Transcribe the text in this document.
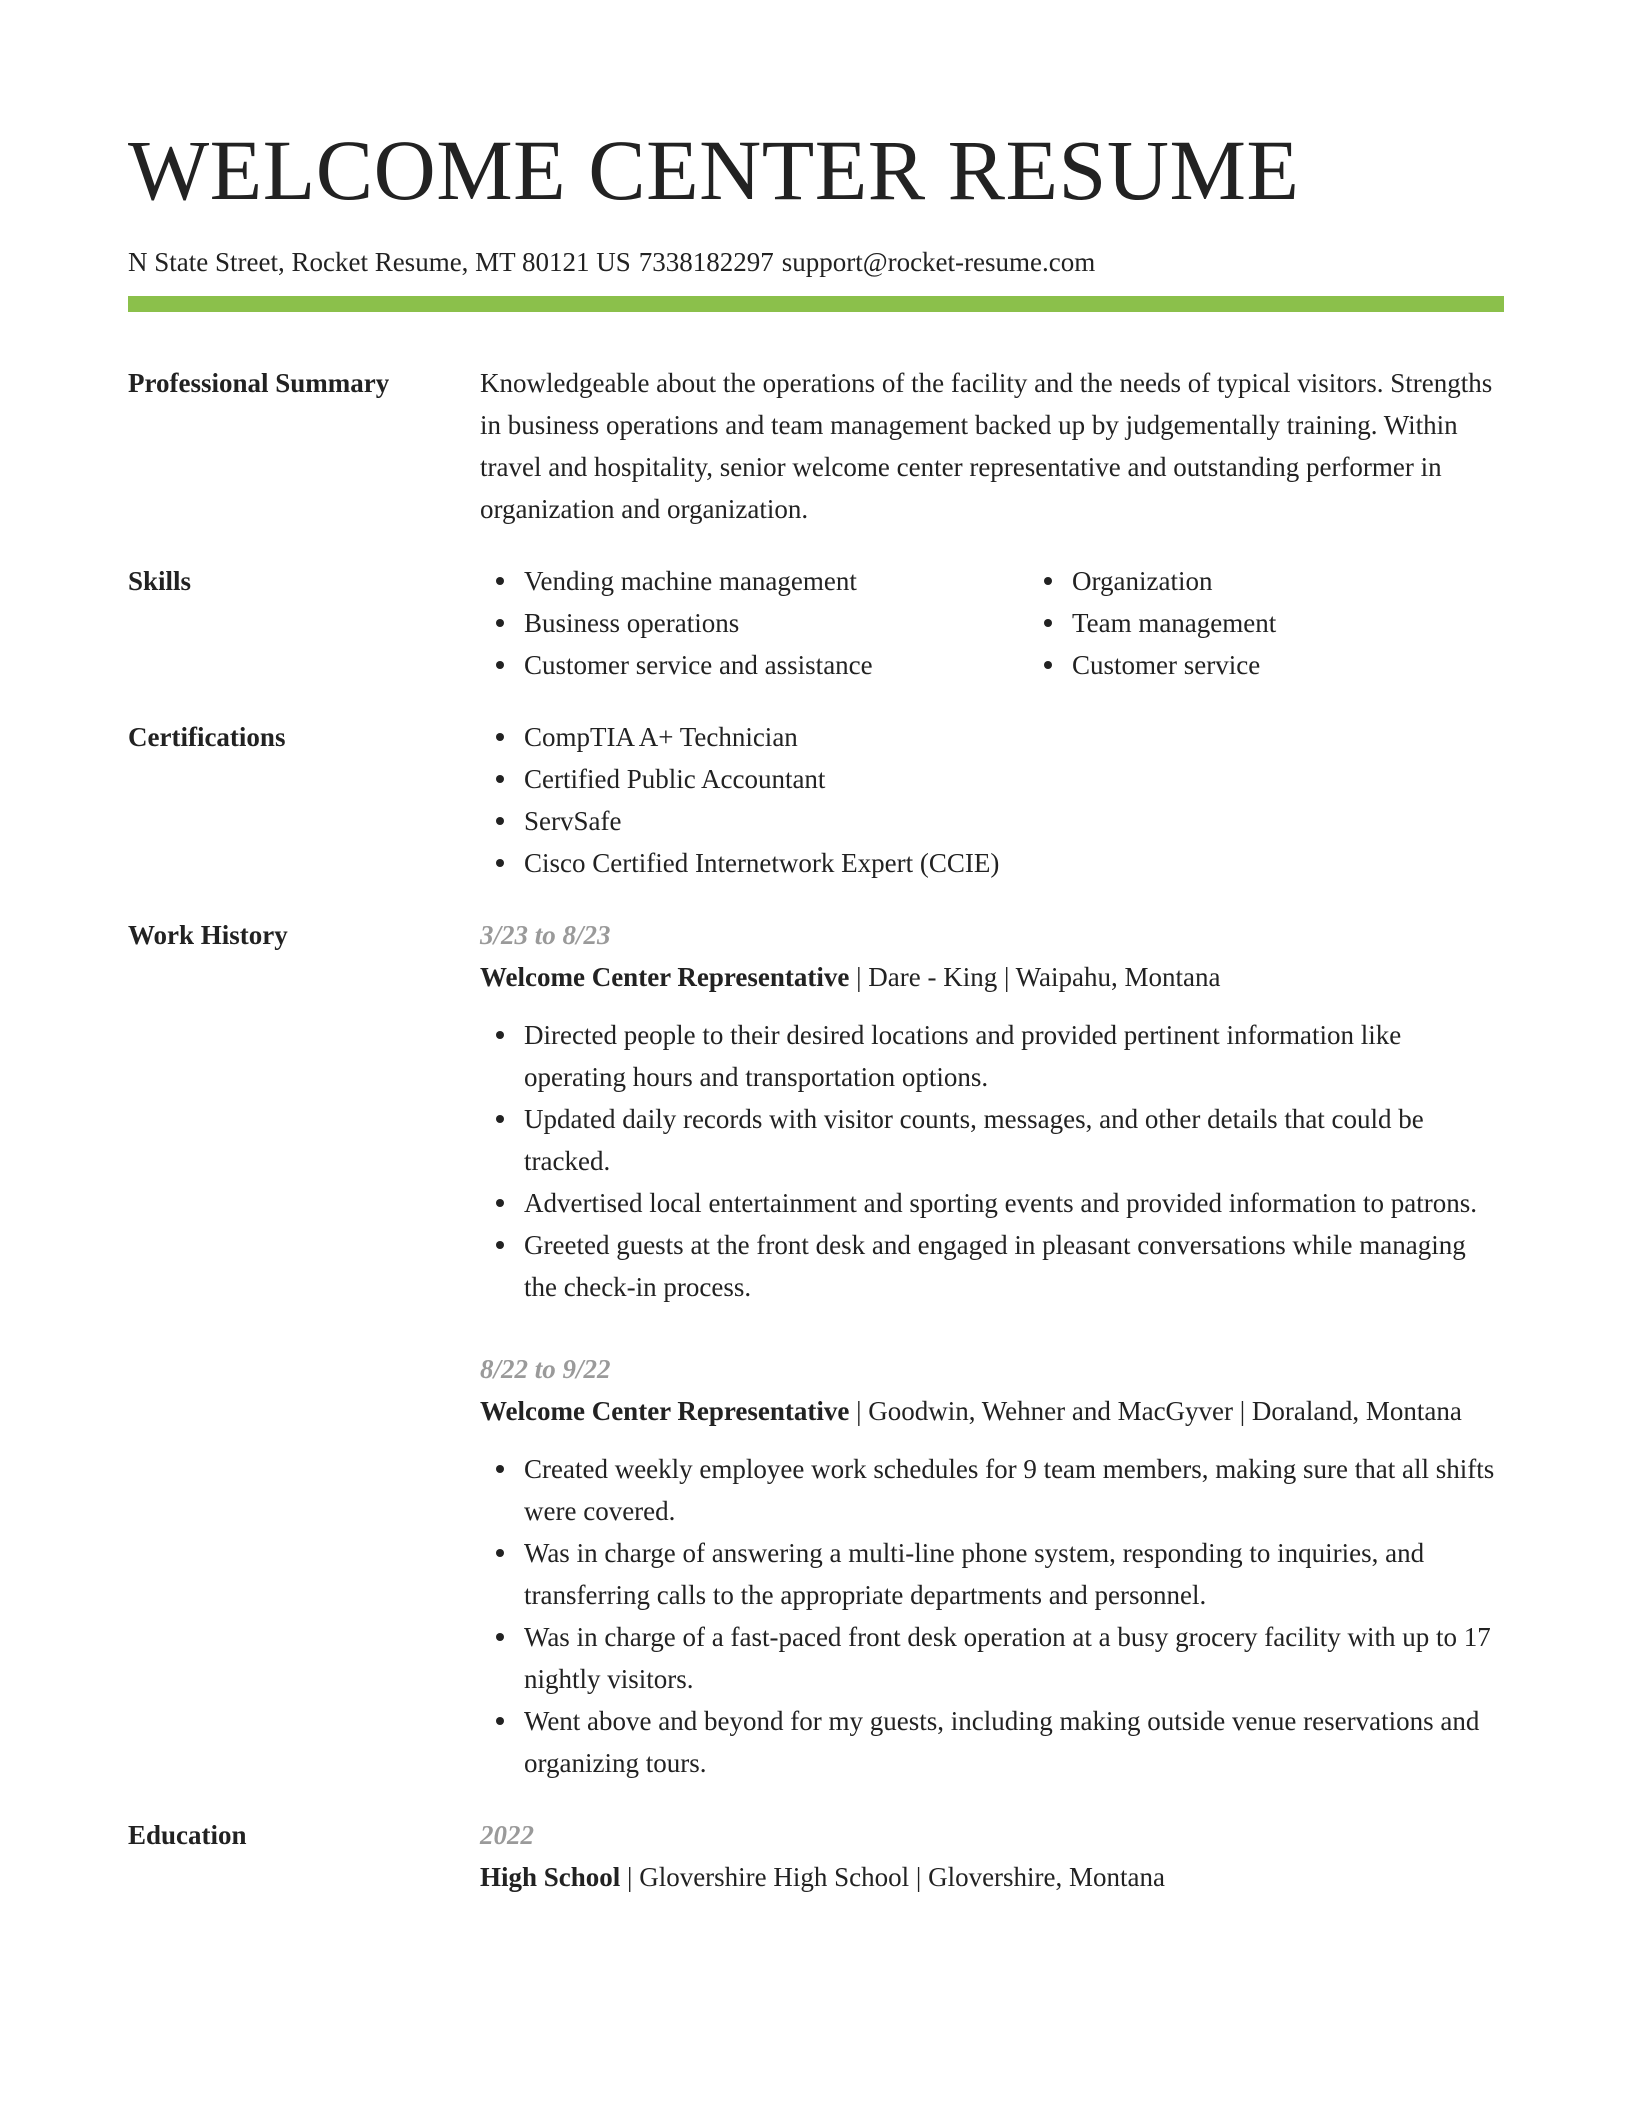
WELCOME CENTER RESUME
N State Street, Rocket Resume, MT 80121 US 7338182297 support@rocket-resume.com
Professional Summary	Knowledgeable about the operations of the facility and the needs of typical visitors. Strengths in business operations and team management backed up by judgementally training. Within travel and hospitality, senior welcome center representative and outstanding performer in organization and organization.
Skills	Vending machine management
Business operations
Customer service and assistance
Organization
Team management
Customer service
Certifications	CompTIA A+ Technician
Certified Public Accountant
ServSafe
Cisco Certified Internetwork Expert (CCIE)
Work History	3/23 to 8/23
Welcome Center Representative | Dare - King | Waipahu, Montana
Directed people to their desired locations and provided pertinent information like operating hours and transportation options.
Updated daily records with visitor counts, messages, and other details that could be tracked.
Advertised local entertainment and sporting events and provided information to patrons.
Greeted guests at the front desk and engaged in pleasant conversations while managing the check-in process.
8/22 to 9/22
Welcome Center Representative | Goodwin, Wehner and MacGyver | Doraland, Montana
Created weekly employee work schedules for 9 team members, making sure that all shifts were covered.
Was in charge of answering a multi-line phone system, responding to inquiries, and transferring calls to the appropriate departments and personnel.
Was in charge of a fast-paced front desk operation at a busy grocery facility with up to 17 nightly visitors.
Went above and beyond for my guests, including making outside venue reservations and organizing tours.
Education	2022
High School | Glovershire High School | Glovershire, Montana
